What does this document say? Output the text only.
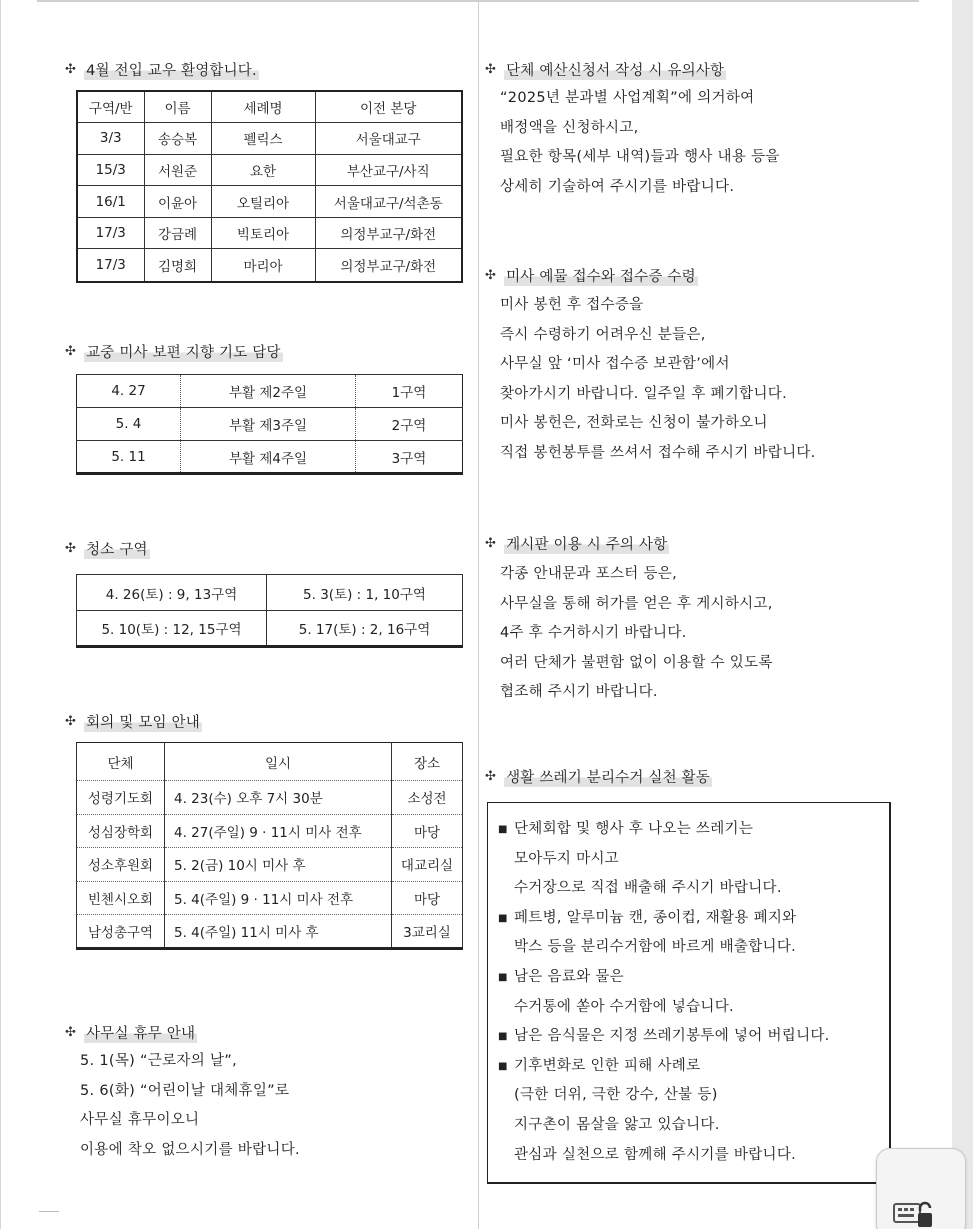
✣ 4월 전입 교우 환영합니다.
구역/반	이름	세례명	이전 본당
3/3	송승복	펠릭스	서울대교구
15/3	서원준	요한	부산교구/사직
16/1	이윤아	오틸리아	서울대교구/석촌동
17/3	강금례	빅토리아	의정부교구/화전
17/3	김명희	마리아	의정부교구/화전
✣ 교중 미사 보편 지향 기도 담당
4. 27	부활 제2주일	1구역
5. 4	부활 제3주일	2구역
5. 11	부활 제4주일	3구역
✣ 청소 구역
4. 26(토) : 9, 13구역	5. 3(토) : 1, 10구역
5. 10(토) : 12, 15구역	5. 17(토) : 2, 16구역
✣ 회의 및 모임 안내
단체	일시	장소
성령기도회	4. 23(수) 오후 7시 30분	소성전
성심장학회	4. 27(주일) 9 · 11시 미사 전후	마당
성소후원회	5. 2(금) 10시 미사 후	대교리실
빈첸시오회	5. 4(주일) 9 · 11시 미사 전후	마당
남성총구역	5. 4(주일) 11시 미사 후	3교리실
✣ 사무실 휴무 안내
5. 1(목) “근로자의 날”,
5. 6(화) “어린이날 대체휴일”로
사무실 휴무이오니
이용에 착오 없으시기를 바랍니다.
✣ 단체 예산신청서 작성 시 유의사항
“2025년 분과별 사업계획”에 의거하여
배정액을 신청하시고,
필요한 항목(세부 내역)들과 행사 내용 등을
상세히 기술하여 주시기를 바랍니다.
✣ 미사 예물 접수와 접수증 수령
미사 봉헌 후 접수증을
즉시 수령하기 어려우신 분들은,
사무실 앞 ‘미사 접수증 보관함’에서
찾아가시기 바랍니다. 일주일 후 폐기합니다.
미사 봉헌은, 전화로는 신청이 불가하오니
직접 봉헌봉투를 쓰셔서 접수해 주시기 바랍니다.
✣ 게시판 이용 시 주의 사항
각종 안내문과 포스터 등은,
사무실을 통해 허가를 얻은 후 게시하시고,
4주 후 수거하시기 바랍니다.
여러 단체가 불편함 없이 이용할 수 있도록
협조해 주시기 바랍니다.
✣ 생활 쓰레기 분리수거 실천 활동
■ 단체회합 및 행사 후 나오는 쓰레기는
모아두지 마시고
수거장으로 직접 배출해 주시기 바랍니다.
■ 페트병, 알루미늄 캔, 종이컵, 재활용 폐지와
박스 등을 분리수거함에 바르게 배출합니다.
■ 남은 음료와 물은
수거통에 쏟아 수거함에 넣습니다.
■ 남은 음식물은 지정 쓰레기봉투에 넣어 버립니다.
■ 기후변화로 인한 피해 사례로
(극한 더위, 극한 강수, 산불 등)
지구촌이 몸살을 앓고 있습니다.
관심과 실천으로 함께해 주시기를 바랍니다.
